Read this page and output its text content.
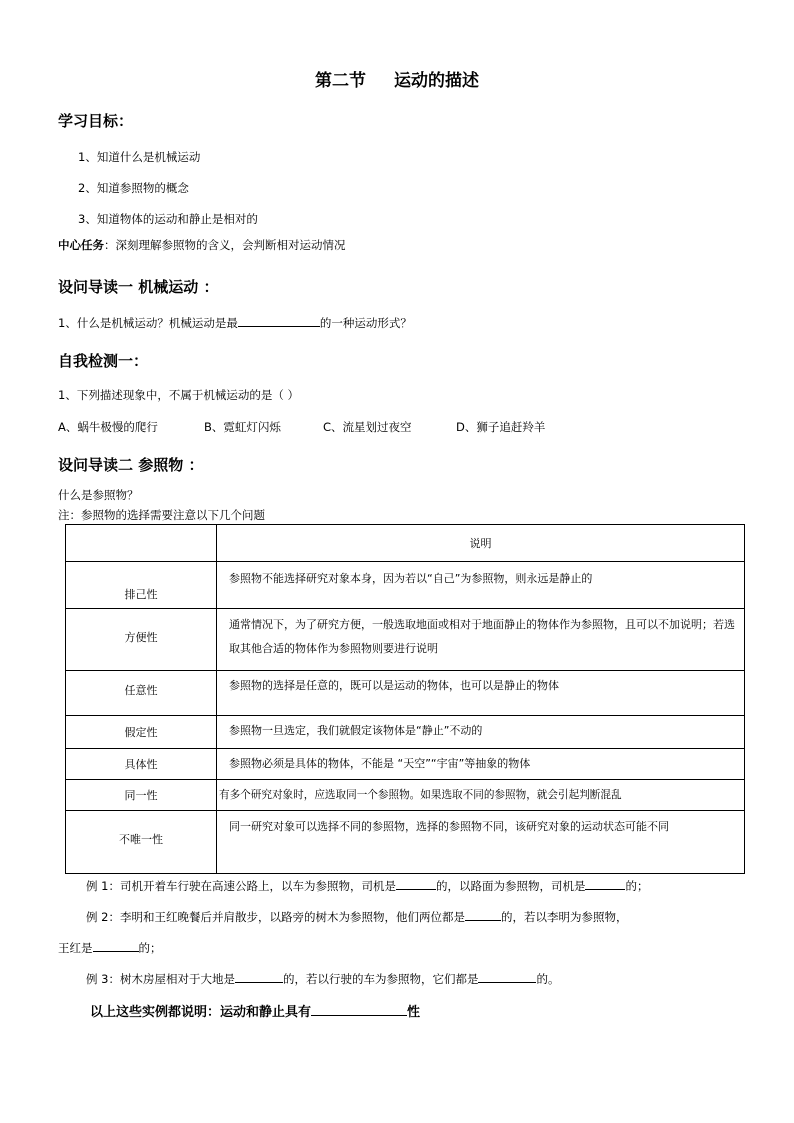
第二节 运动的描述
学习目标：
1、知道什么是机械运动
2、知道参照物的概念
3、知道物体的运动和静止是相对的
中心任务：深刻理解参照物的含义，会判断相对运动情况
设问导读一 机械运动 ：
1、什么是机械运动？机械运动是最	的一种运动形式？
自我检测一：
1、下列描述现象中，不属于机械运动的是（ ）
A、蜗牛极慢的爬行	B、霓虹灯闪烁	C、流星划过夜空	D、狮子追赶羚羊
设问导读二 参照物 ：
什么是参照物？
注：参照物的选择需要注意以下几个问题
	说明
排己性	参照物不能选择研究对象本身，因为若以“自己”为参照物，则永远是静止的
方便性	通常情况下，为了研究方便，一般选取地面或相对于地面静止的物体作为参照物，且可以不加说明；若选取其他合适的物体作为参照物则要进行说明
任意性	参照物的选择是任意的，既可以是运动的物体，也可以是静止的物体
假定性	参照物一旦选定，我们就假定该物体是“静止”不动的
具体性	参照物必须是具体的物体，不能是 “天空”“宇宙”等抽象的物体
同一性	有多个研究对象时，应选取同一个参照物。如果选取不同的参照物，就会引起判断混乱
不唯一性	同一研究对象可以选择不同的参照物，选择的参照物不同，该研究对象的运动状态可能不同
例 1：司机开着车行驶在高速公路上，以车为参照物，司机是	的，以路面为参照物，司机是	的；
例 2：李明和王红晚餐后并肩散步，以路旁的树木为参照物，他们两位都是	的，若以李明为参照物，
王红是	的；
例 3：树木房屋相对于大地是	的，若以行驶的车为参照物，它们都是	的。
以上这些实例都说明：运动和静止具有	性
